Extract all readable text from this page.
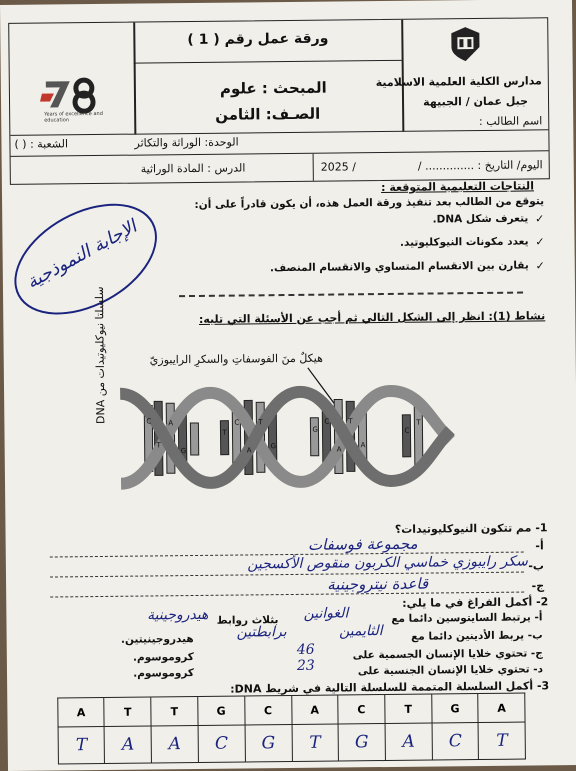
Years of excellence and education
ورقة عمل رقم ( 1 )
المبحث : علوم
الصـف: الثامن
مدارس الكلية العلمية الاسلامية
جبل عمان / الجبيهة
اسم الطالب :
الوحدة: الوراثة والتكاثر
الشعبة : ( )
الدرس : المادة الوراثية	اليوم/ التاريخ : .............. /
/ 2025
النتاجات التعليمية المتوقعة :
يتوقع من الطالب بعد تنفيذ ورقة العمل هذه، أن يكون قادراً على أن:
✓
يتعرف شكل DNA.
✓
يعدد مكونات النيوكليوتيد.
✓
يقارن بين الانقسام المتساوي والانقسام المنصف.
الإجابة النموذجية
نشاط (1): انظر إلى الشكل التالي ثم أجب عن الأسئلة التي تليه:
هيكلٌ منَ الفوسفاتِ والسكرِ الرايبوزيّ
سلسلتا نيوكليوتيدات من DNA
C
T
A
G
T
C
A
T
G
G
C
A
T
A
C
T
1- مم تتكون النيوكليوتيدات؟
أ-
مجموعة فوسفات
ب-
سكر رايبوزي خماسي الكربون منقوص الأكسجين
ج-
قاعدة نيتروجينية
2- أكمل الفراغ في ما يلي:
أ- يرتبط السايتوسين دائما مع
الغوانين
بثلاث روابط
هيدروجينية
ب- يربط الأدينين دائما مع
الثايمين
برابطتين
هيدروجينيتين.
ج- تحتوي خلايا الإنسان الجسمية على
46
كروموسوم.
د- تحتوي خلايا الإنسان الجنسية على
23
كروموسوم.
3- أكمل السلسلة المتممة للسلسلة التالية في شريط DNA:
A	T	T	G	C	A	C	T	G	A
T	A	A	C	G	T	G	A	C	T
